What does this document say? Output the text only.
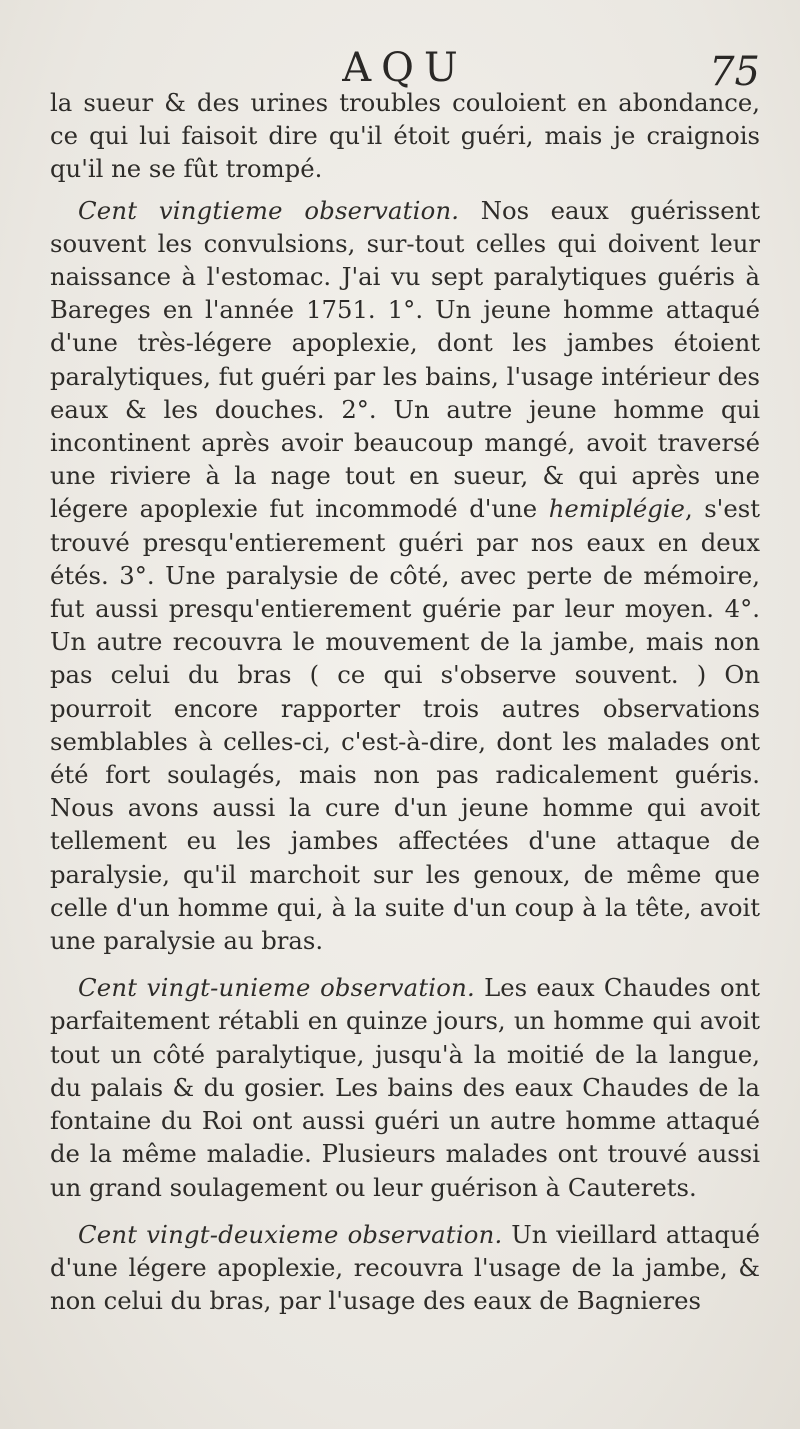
AQU	75

la sueur & des urines troubles couloient en abondance, ce qui lui faisoit dire qu'il étoit guéri, mais je craignois qu'il ne se fût trompé.

Cent vingtieme observation. Nos eaux guérissent souvent les convulsions, sur-tout celles qui doivent leur naissance à l'estomac. J'ai vu sept paralytiques guéris à Bareges en l'année 1751. 1°. Un jeune homme attaqué d'une très-légere apoplexie, dont les jambes étoient paralytiques, fut guéri par les bains, l'usage intérieur des eaux & les douches. 2°. Un autre jeune homme qui incontinent après avoir beaucoup mangé, avoit traversé une riviere à la nage tout en sueur, & qui après une légere apoplexie fut incommodé d'une hemiplégie, s'est trouvé presqu'entierement guéri par nos eaux en deux étés. 3°. Une paralysie de côté, avec perte de mémoire, fut aussi presqu'entierement guérie par leur moyen. 4°. Un autre recouvra le mouvement de la jambe, mais non pas celui du bras ( ce qui s'observe souvent. ) On pourroit encore rapporter trois autres observations semblables à celles-ci, c'est-à-dire, dont les malades ont été fort soulagés, mais non pas radicalement guéris. Nous avons aussi la cure d'un jeune homme qui avoit tellement eu les jambes affectées d'une attaque de paralysie, qu'il marchoit sur les genoux, de même que celle d'un homme qui, à la suite d'un coup à la tête, avoit une paralysie au bras.

Cent vingt-unieme observation. Les eaux Chaudes ont parfaitement rétabli en quinze jours, un homme qui avoit tout un côté paralytique, jusqu'à la moitié de la langue, du palais & du gosier. Les bains des eaux Chaudes de la fontaine du Roi ont aussi guéri un autre homme attaqué de la même maladie. Plusieurs malades ont trouvé aussi un grand soulagement ou leur guérison à Cauterets.

Cent vingt-deuxieme observation. Un vieillard attaqué d'une légere apoplexie, recouvra l'usage de la jambe, & non celui du bras, par l'usage des eaux de Bagnieres
